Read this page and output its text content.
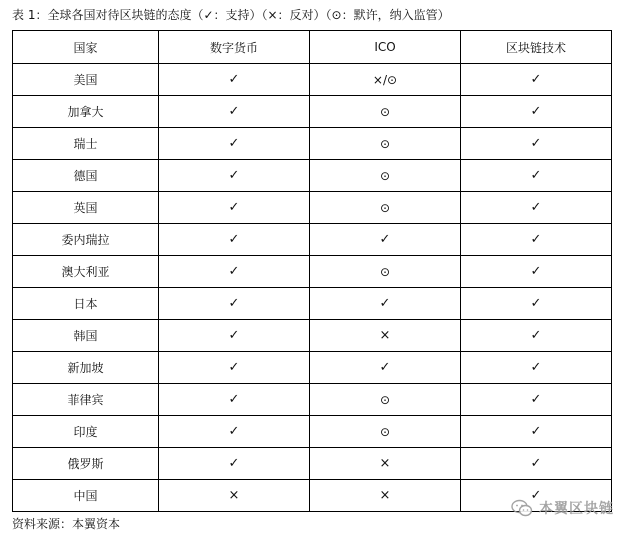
表 1：全球各国对待区块链的态度（✓：支持）（×：反对）（⊙：默许，纳入监管）
国家	数字货币	ICO	区块链技术
美国	✓	×/⊙	✓
加拿大	✓	⊙	✓
瑞士	✓	⊙	✓
德国	✓	⊙	✓
英国	✓	⊙	✓
委内瑞拉	✓	✓	✓
澳大利亚	✓	⊙	✓
日本	✓	✓	✓
韩国	✓	×	✓
新加坡	✓	✓	✓
菲律宾	✓	⊙	✓
印度	✓	⊙	✓
俄罗斯	✓	×	✓
中国	×	×	✓
资料来源：本翼资本
本翼区块链
